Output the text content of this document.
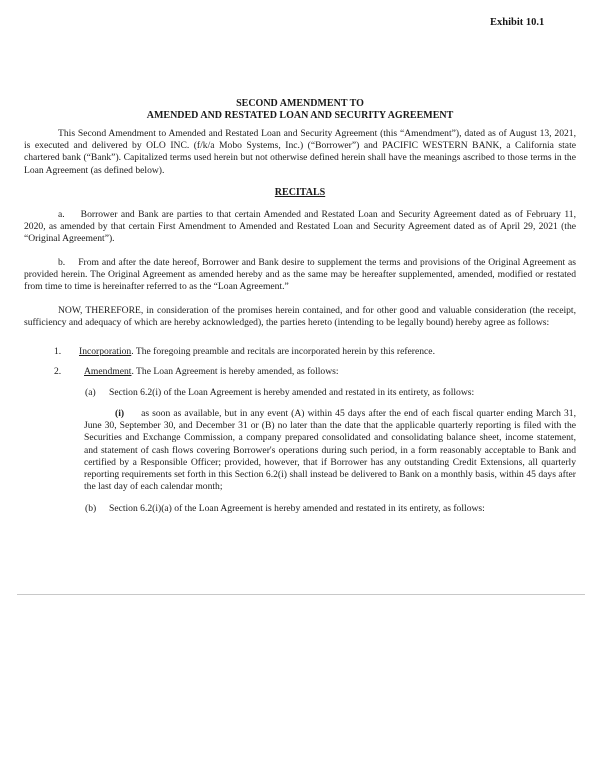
Exhibit 10.1
SECOND AMENDMENT TO
AMENDED AND RESTATED LOAN AND SECURITY AGREEMENT

This Second Amendment to Amended and Restated Loan and Security Agreement (this “Amendment”), dated as of August 13, 2021, is executed and delivered by OLO INC. (f/k/a Mobo Systems, Inc.) (“Borrower”) and PACIFIC WESTERN BANK, a California state chartered bank (“Bank”). Capitalized terms used herein but not otherwise defined herein shall have the meanings ascribed to those terms in the Loan Agreement (as defined below).

RECITALS

a. Borrower and Bank are parties to that certain Amended and Restated Loan and Security Agreement dated as of February 11, 2020, as amended by that certain First Amendment to Amended and Restated Loan and Security Agreement dated as of April 29, 2021 (the “Original Agreement”).

b. From and after the date hereof, Borrower and Bank desire to supplement the terms and provisions of the Original Agreement as provided herein. The Original Agreement as amended hereby and as the same may be hereafter supplemented, amended, modified or restated from time to time is hereinafter referred to as the “Loan Agreement.”

NOW, THEREFORE, in consideration of the promises herein contained, and for other good and valuable consideration (the receipt, sufficiency and adequacy of which are hereby acknowledged), the parties hereto (intending to be legally bound) hereby agree as follows:

1. Incorporation. The foregoing preamble and recitals are incorporated herein by this reference.
2. Amendment. The Loan Agreement is hereby amended, as follows:
(a) Section 6.2(i) of the Loan Agreement is hereby amended and restated in its entirety, as follows:

(i) as soon as available, but in any event (A) within 45 days after the end of each fiscal quarter ending March 31, June 30, September 30, and December 31 or (B) no later than the date that the applicable quarterly reporting is filed with the Securities and Exchange Commission, a company prepared consolidated and consolidating balance sheet, income statement, and statement of cash flows covering Borrower's operations during such period, in a form reasonably acceptable to Bank and certified by a Responsible Officer; provided, however, that if Borrower has any outstanding Credit Extensions, all quarterly reporting requirements set forth in this Section 6.2(i) shall instead be delivered to Bank on a monthly basis, within 45 days after the last day of each calendar month;

(b) Section 6.2(i)(a) of the Loan Agreement is hereby amended and restated in its entirety, as follows:
